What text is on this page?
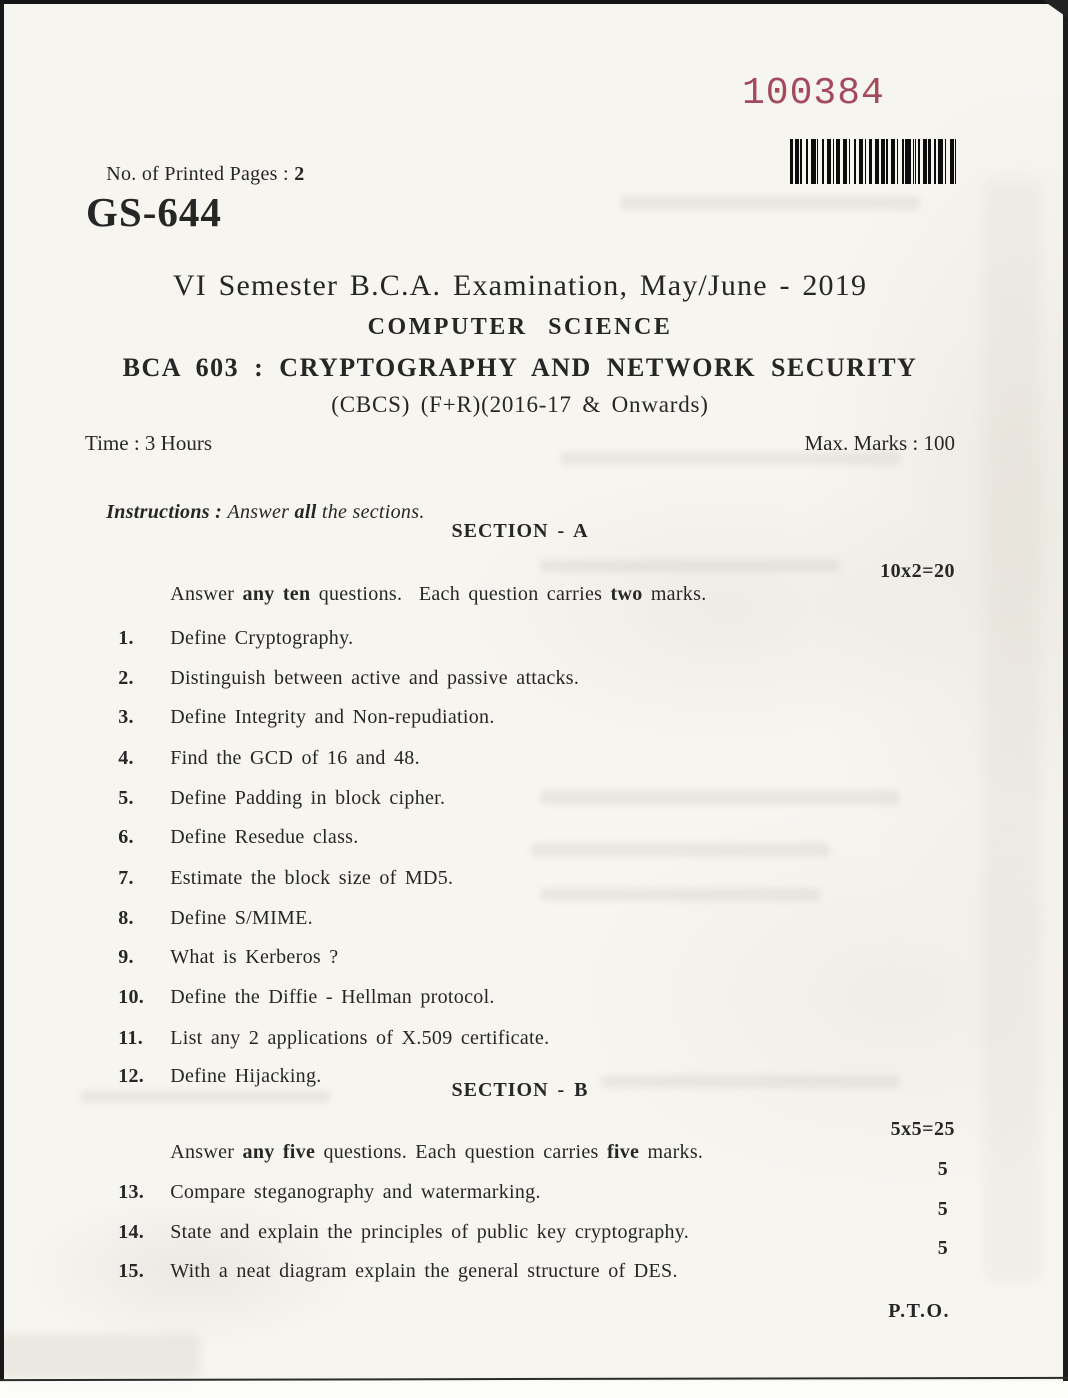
100384

No. of Printed Pages : 2

GS-644
VI Semester B.C.A. Examination, May/June - 2019
COMPUTER SCIENCE
BCA 603 : CRYPTOGRAPHY AND NETWORK SECURITY
(CBCS) (F+R)(2016-17 & Onwards)
Time : 3 Hours	Max. Marks : 100

Instructions : Answer all the sections.

SECTION - A

Answer any ten questions.  Each question carries two marks.

10x2=20

1. Define Cryptography.

2. Distinguish between active and passive attacks.

3. Define Integrity and Non-repudiation.

4. Find the GCD of 16 and 48.

5. Define Padding in block cipher.

6. Define Resedue class.

7. Estimate the block size of MD5.

8. Define S/MIME.

9. What is Kerberos ?

10. Define the Diffie - Hellman protocol.

11. List any 2 applications of X.509 certificate.

12. Define Hijacking.

SECTION - B

Answer any five questions. Each question carries five marks.

5x5=25

13. Compare steganography and watermarking.

5

14. State and explain the principles of public key cryptography.

5

15. With a neat diagram explain the general structure of DES.

5

P.T.O.
